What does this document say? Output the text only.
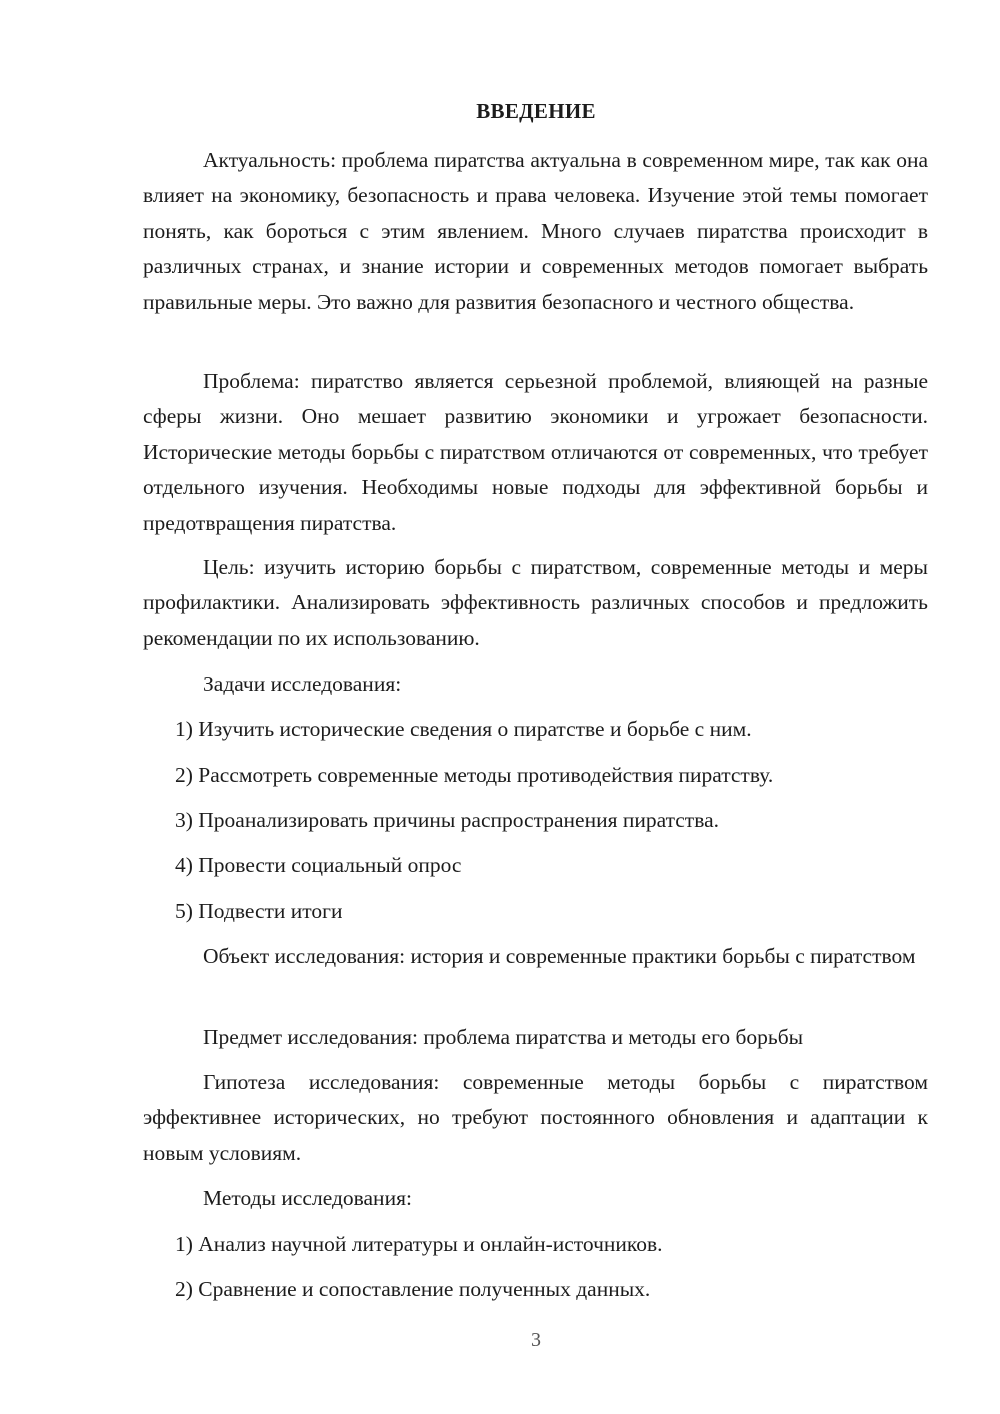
ВВЕДЕНИЕ

Актуальность: проблема пиратства актуальна в современном мире, так как она влияет на экономику, безопасность и права человека. Изучение этой темы помогает понять, как бороться с этим явлением. Много случаев пиратства происходит в различных странах, и знание истории и современных методов помогает выбрать правильные меры. Это важно для развития безопасного и честного общества.

Проблема: пиратство является серьезной проблемой, влияющей на разные сферы жизни. Оно мешает развитию экономики и угрожает безопасности. Исторические методы борьбы с пиратством отличаются от современных, что требует отдельного изучения. Необходимы новые подходы для эффективной борьбы и предотвращения пиратства.

Цель: изучить историю борьбы с пиратством, современные методы и меры профилактики. Анализировать эффективность различных способов и предложить рекомендации по их использованию.

Задачи исследования:

1) Изучить исторические сведения о пиратстве и борьбе с ним.

2) Рассмотреть современные методы противодействия пиратству.

3) Проанализировать причины распространения пиратства.

4) Провести социальный опрос

5) Подвести итоги

Объект исследования: история и современные практики борьбы с пиратством

Предмет исследования: проблема пиратства и методы его борьбы

Гипотеза исследования: современные методы борьбы с пиратством эффективнее исторических, но требуют постоянного обновления и адаптации к новым условиям.

Методы исследования:

1) Анализ научной литературы и онлайн-источников.

2) Сравнение и сопоставление полученных данных.

3
